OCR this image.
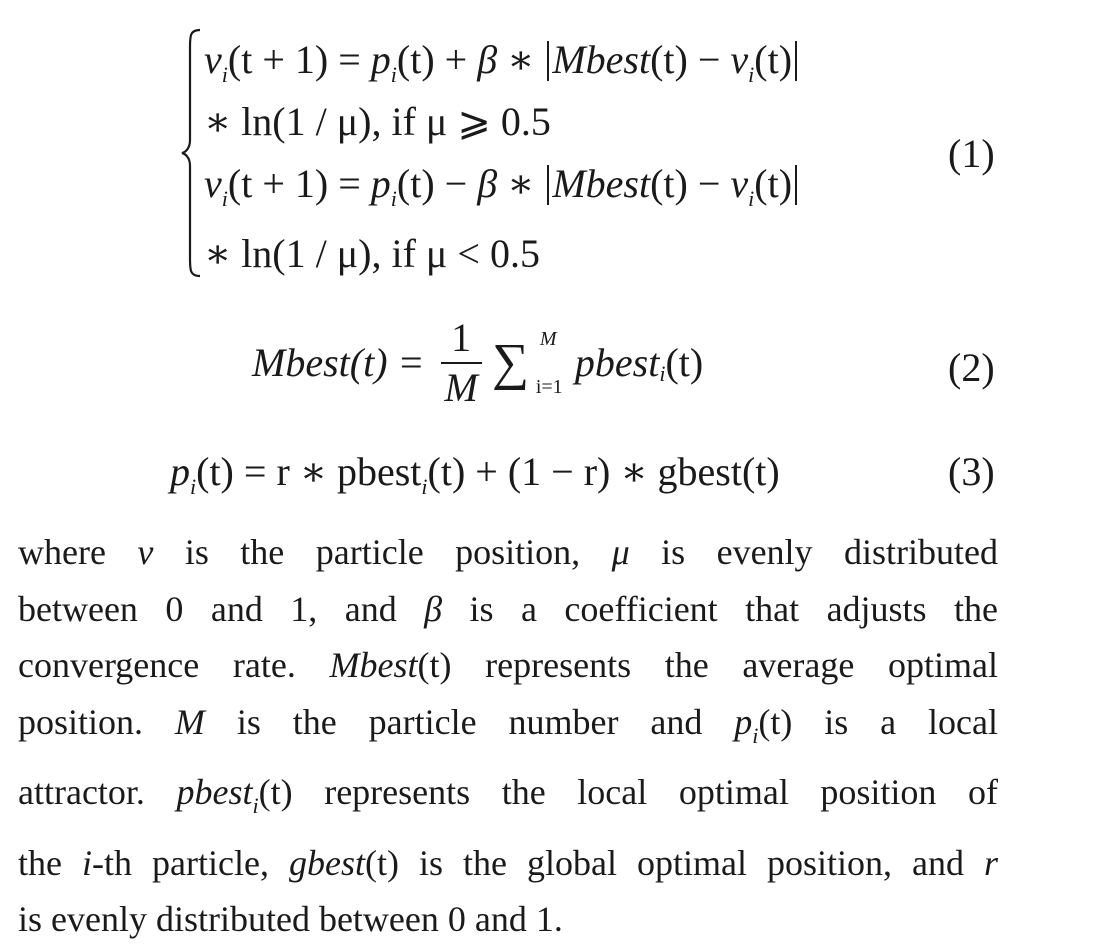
$v_i(t + 1) = p_i(t) + \beta$ ∗ Mbest(t) − $v_i(t)$
∗ ln(1 / μ), if μ ⩾ 0.5
$v_i(t + 1) = p_i(t) - \beta$ ∗ Mbest(t) − $v_i(t)$
∗ ln(1 / μ), if μ < 0.5
(1)
Mbest(t) = $\frac{1}{M}$ ∑ M
i=1
pbest$_i$(t)	(2)
$p_i(t) = r$ ∗ pbest$_i$(t) + (1 − r) ∗ gbest(t)	(3)

where v is the particle position, μ is evenly distributed

between 0 and 1, and β is a coefficient that adjusts the

convergence rate. Mbest(t) represents the average optimal

position. M is the particle number and $p_i(t)$ is a local

attractor. pbest$_i$(t) represents the local optimal position of

the i-th particle, gbest(t) is the global optimal position, and r

is evenly distributed between 0 and 1.
